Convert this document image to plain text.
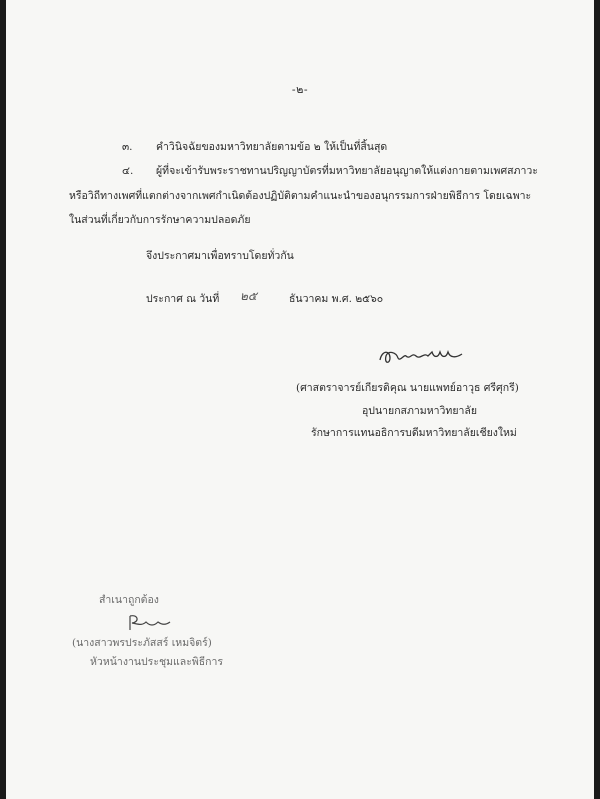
-๒-
๓. คำวินิจฉัยของมหาวิทยาลัยตามข้อ ๒ ให้เป็นที่สิ้นสุด
๔. ผู้ที่จะเข้ารับพระราชทานปริญญาบัตรที่มหาวิทยาลัยอนุญาตให้แต่งกายตามเพศสภาวะ
หรือวิถีทางเพศที่แตกต่างจากเพศกำเนิดต้องปฏิบัติตามคำแนะนำของอนุกรรมการฝ่ายพิธีการ โดยเฉพาะ
ในส่วนที่เกี่ยวกับการรักษาความปลอดภัย
จึงประกาศมาเพื่อทราบโดยทั่วกัน
ประกาศ ณ วันที่ ๒๕	ธันวาคม พ.ศ. ๒๕๖๐
(ศาสตราจารย์เกียรติคุณ นายแพทย์อาวุธ ศรีศุกรี)
อุปนายกสภามหาวิทยาลัย
รักษาการแทนอธิการบดีมหาวิทยาลัยเชียงใหม่
สำเนาถูกต้อง
(นางสาวพรประภัสสร์ เหมจิตร์)
หัวหน้างานประชุมและพิธีการ
